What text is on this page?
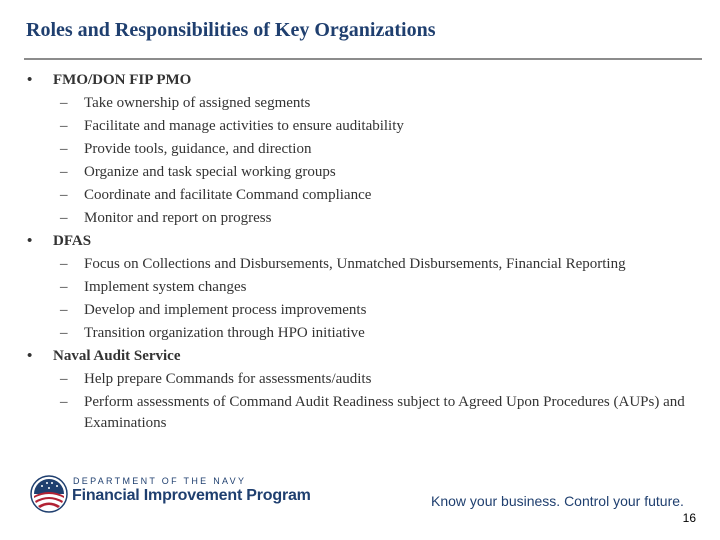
Roles and Responsibilities of Key Organizations
• FMO/DON FIP PMO
– Take ownership of assigned segments
– Facilitate and manage activities to ensure auditability
– Provide tools, guidance, and direction
– Organize and task special working groups
– Coordinate and facilitate Command compliance
– Monitor and report on progress
• DFAS
– Focus on Collections and Disbursements, Unmatched Disbursements, Financial Reporting
– Implement system changes
– Develop and implement process improvements
– Transition organization through HPO initiative
• Naval Audit Service
– Help prepare Commands for assessments/audits
– Perform assessments of Command Audit Readiness subject to Agreed Upon Procedures (AUPs) and Examinations
DEPARTMENT OF THE NAVY
Financial Improvement Program	Know your business. Control your future.
16
